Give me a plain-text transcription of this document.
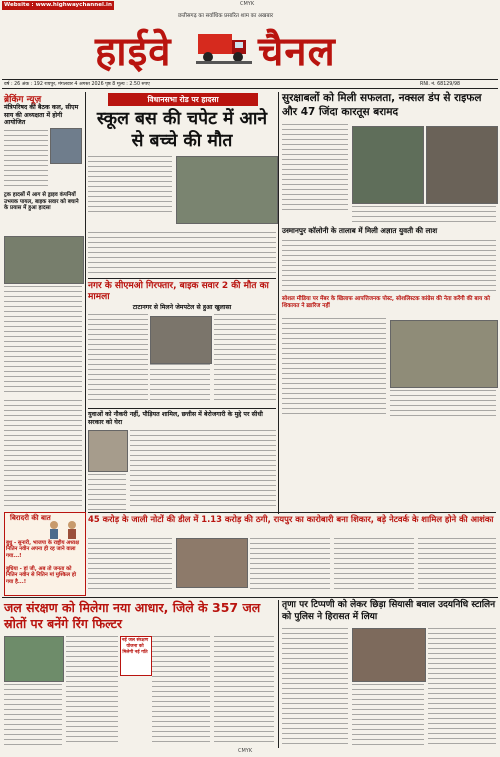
Website : www.highwaychannel.in	CMYK
छत्तीसगढ़ का सर्वाधिक प्रसारित शाम का अखबार
हाईवे चैनल
वर्ष : 26 अंक : 192 रायपुर, मंगलवार 4 अगस्त 2026 पृष्ठ 8 मूल्य : 2.50 रुपए	RNI. नं. 68129/98
ब्रेकिंग न्यूज़
मंत्रिपरिषद की बैठक कल, सीएम साय की अध्यक्षता में होगी आयोजित
ट्रक हादसों में आग से ड्राइव कंपनियों उभयक पायल, बाइक सवार को बचाने के प्रयास में हुआ हादसा
विधानसभा रोड पर हादसा
स्कूल बस की चपेट में आने से बच्चे की मौत
सुरक्षाबलों को मिली सफलता, नक्सल डंप से राइफल और 47 जिंदा कारतूस बरामद
उस्मानपुर कॉलोनी के तालाब में मिली अज्ञात युवती की लाश
नगर के सीएमओ गिरफ्तार, बाइक सवार 2 की मौत का मामला
टाटानगर से मिलने जेमपटेल से हुआ खुलासा
सोशल मीडिया पर मेंबर के खिलाफ आपत्तिजनक पोस्ट, सोशलिस्टक कांग्रेस की नेता करेंगी की बाय को शिकायत ने ख़ारिज नहीं
युवाओं को नौकरी नहीं, पौड़ियत शामिल, छत्तीस में बेरोजगारी के मुद्दे पर सीधी सरकार को घेरा
बिरादरी की बात
बुधु - सुनारी, भाजपा के राष्ट्रीय अध्यक्ष नितिन नवीन अपना ही रह जाने वाला गया...!
बुधिया - हां जी, अब तो जनता को नितिन नवीन से नितिन मां मुश्किल हो गया है...!
45 करोड़ के जाली नोटों की डील में 1.13 करोड़ की ठगी, रायपुर का कारोबारी बना शिकार, बड़े नेटवर्क के शामिल होने की आशंका
जल संरक्षण को मिलेगा नया आधार, जिले के 357 जल स्रोतों पर बनेंगे रिंग फिल्टर
नई जल संरक्षण योजना को मिलेगी नई गति
तृणा पर टिप्पणी को लेकर छिड़ा सियासी बवाल उदयनिधि स्टालिन को पुलिस ने हिरासत में लिया
CMYK
